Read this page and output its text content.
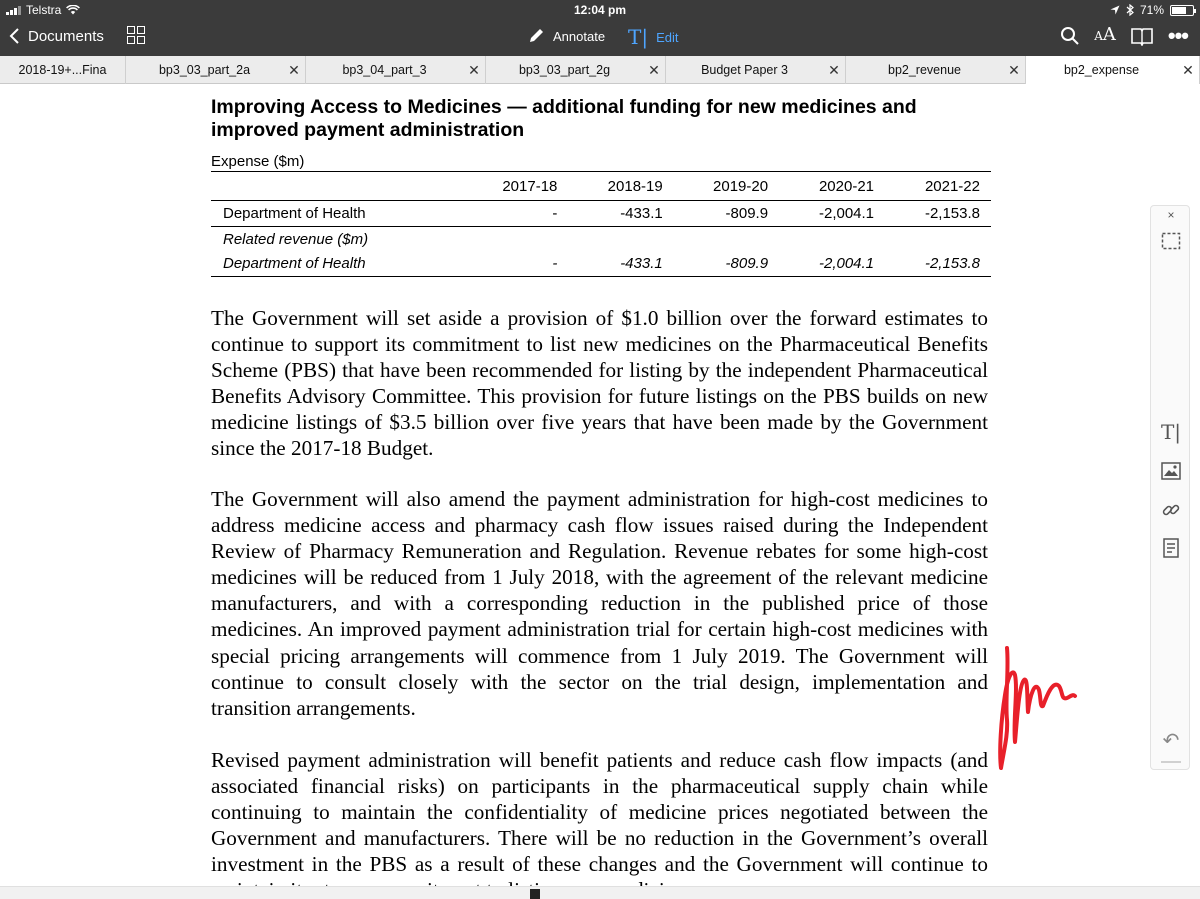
Telstra	12:04 pm	71%
Documents	Annotate T| Edit	AA •••
2018-19+...Fina	bp3_03_part_2a	✕	bp3_04_part_3	✕	bp3_03_part_2g	✕	Budget Paper 3	✕	bp2_revenue	✕	bp2_expense	✕
Improving Access to Medicines — additional funding for new medicines and improved payment administration
Expense ($m)
	2017-18	2018-19	2019-20	2020-21	2021-22
Department of Health	-	-433.1	-809.9	-2,004.1	-2,153.8
Related revenue ($m)					
Department of Health	-	-433.1	-809.9	-2,004.1	-2,153.8

The Government will set aside a provision of $1.0 billion over the forward estimates to continue to support its commitment to list new medicines on the Pharmaceutical Benefits Scheme (PBS) that have been recommended for listing by the independent Pharmaceutical Benefits Advisory Committee. This provision for future listings on the PBS builds on new medicine listings of $3.5 billion over five years that have been made by the Government since the 2017-18 Budget.

The Government will also amend the payment administration for high-cost medicines to address medicine access and pharmacy cash flow issues raised during the Independent Review of Pharmacy Remuneration and Regulation. Revenue rebates for some high-cost medicines will be reduced from 1 July 2018, with the agreement of the relevant medicine manufacturers, and with a corresponding reduction in the published price of those medicines. An improved payment administration trial for certain high-cost medicines with special pricing arrangements will commence from 1 July 2019. The Government will continue to consult closely with the sector on the trial design, implementation and transition arrangements.

Revised payment administration will benefit patients and reduce cash flow impacts (and associated financial risks) on participants in the pharmaceutical supply chain while continuing to maintain the confidentiality of medicine prices negotiated between the Government and manufacturers. There will be no reduction in the Government’s overall investment in the PBS as a result of these changes and the Government will continue to

×
T|
↶
